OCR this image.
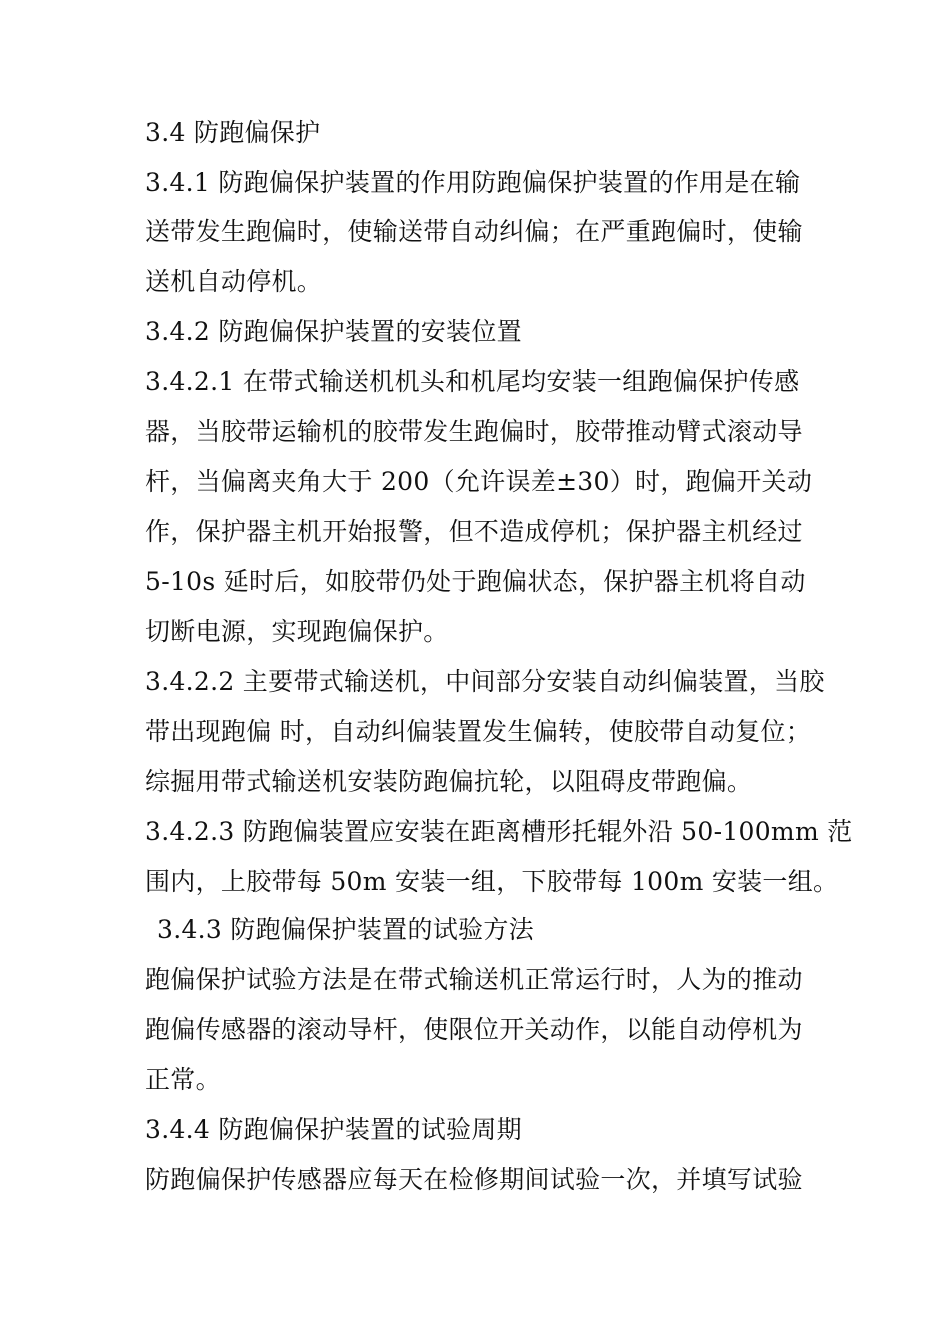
3.4 防跑偏保护
3.4.1 防跑偏保护装置的作用防跑偏保护装置的作用是在输
送带发生跑偏时，使输送带自动纠偏；在严重跑偏时，使输
送机自动停机。
3.4.2 防跑偏保护装置的安装位置
3.4.2.1 在带式输送机机头和机尾均安装一组跑偏保护传感
器，当胶带运输机的胶带发生跑偏时，胶带推动臂式滚动导
杆，当偏离夹角大于 200（允许误差±30）时，跑偏开关动
作，保护器主机开始报警，但不造成停机；保护器主机经过
5-10s 延时后，如胶带仍处于跑偏状态，保护器主机将自动
切断电源，实现跑偏保护。
3.4.2.2 主要带式输送机，中间部分安装自动纠偏装置，当胶
带出现跑偏 时，自动纠偏装置发生偏转，使胶带自动复位；
综掘用带式输送机安装防跑偏抗轮，以阻碍皮带跑偏。
3.4.2.3 防跑偏装置应安装在距离槽形托辊外沿 50-100mm 范
围内，上胶带每 50m 安装一组，下胶带每 100m 安装一组。
3.4.3 防跑偏保护装置的试验方法
跑偏保护试验方法是在带式输送机正常运行时，人为的推动
跑偏传感器的滚动导杆，使限位开关动作，以能自动停机为
正常。
3.4.4 防跑偏保护装置的试验周期
防跑偏保护传感器应每天在检修期间试验一次，并填写试验
